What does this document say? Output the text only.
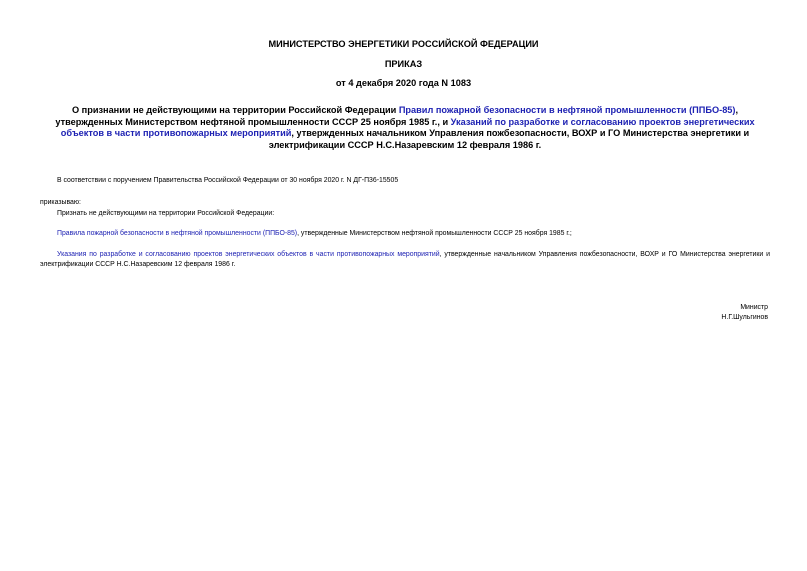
МИНИСТЕРСТВО ЭНЕРГЕТИКИ РОССИЙСКОЙ ФЕДЕРАЦИИ
ПРИКАЗ
от 4 декабря 2020 года N 1083
О признании не действующими на территории Российской Федерации Правил пожарной безопасности в нефтяной промышленности (ППБО-85), утвержденных Министерством нефтяной промышленности СССР 25 ноября 1985 г., и Указаний по разработке и согласованию проектов энергетических объектов в части противопожарных мероприятий, утвержденных начальником Управления пожбезопасности, ВОХР и ГО Министерства энергетики и электрификации СССР Н.С.Назаревским 12 февраля 1986 г.
В соответствии с поручением Правительства Российской Федерации от 30 ноября 2020 г. N ДГ-П36-15505
приказываю:
Признать не действующими на территории Российской Федерации:
Правила пожарной безопасности в нефтяной промышленности (ППБО-85), утвержденные Министерством нефтяной промышленности СССР 25 ноября 1985 г.;
Указания по разработке и согласованию проектов энергетических объектов в части противопожарных мероприятий, утвержденные начальником Управления пожбезопасности, ВОХР и ГО Министерства энергетики и электрификации СССР Н.С.Назаревским 12 февраля 1986 г.
Министр
Н.Г.Шульгинов
